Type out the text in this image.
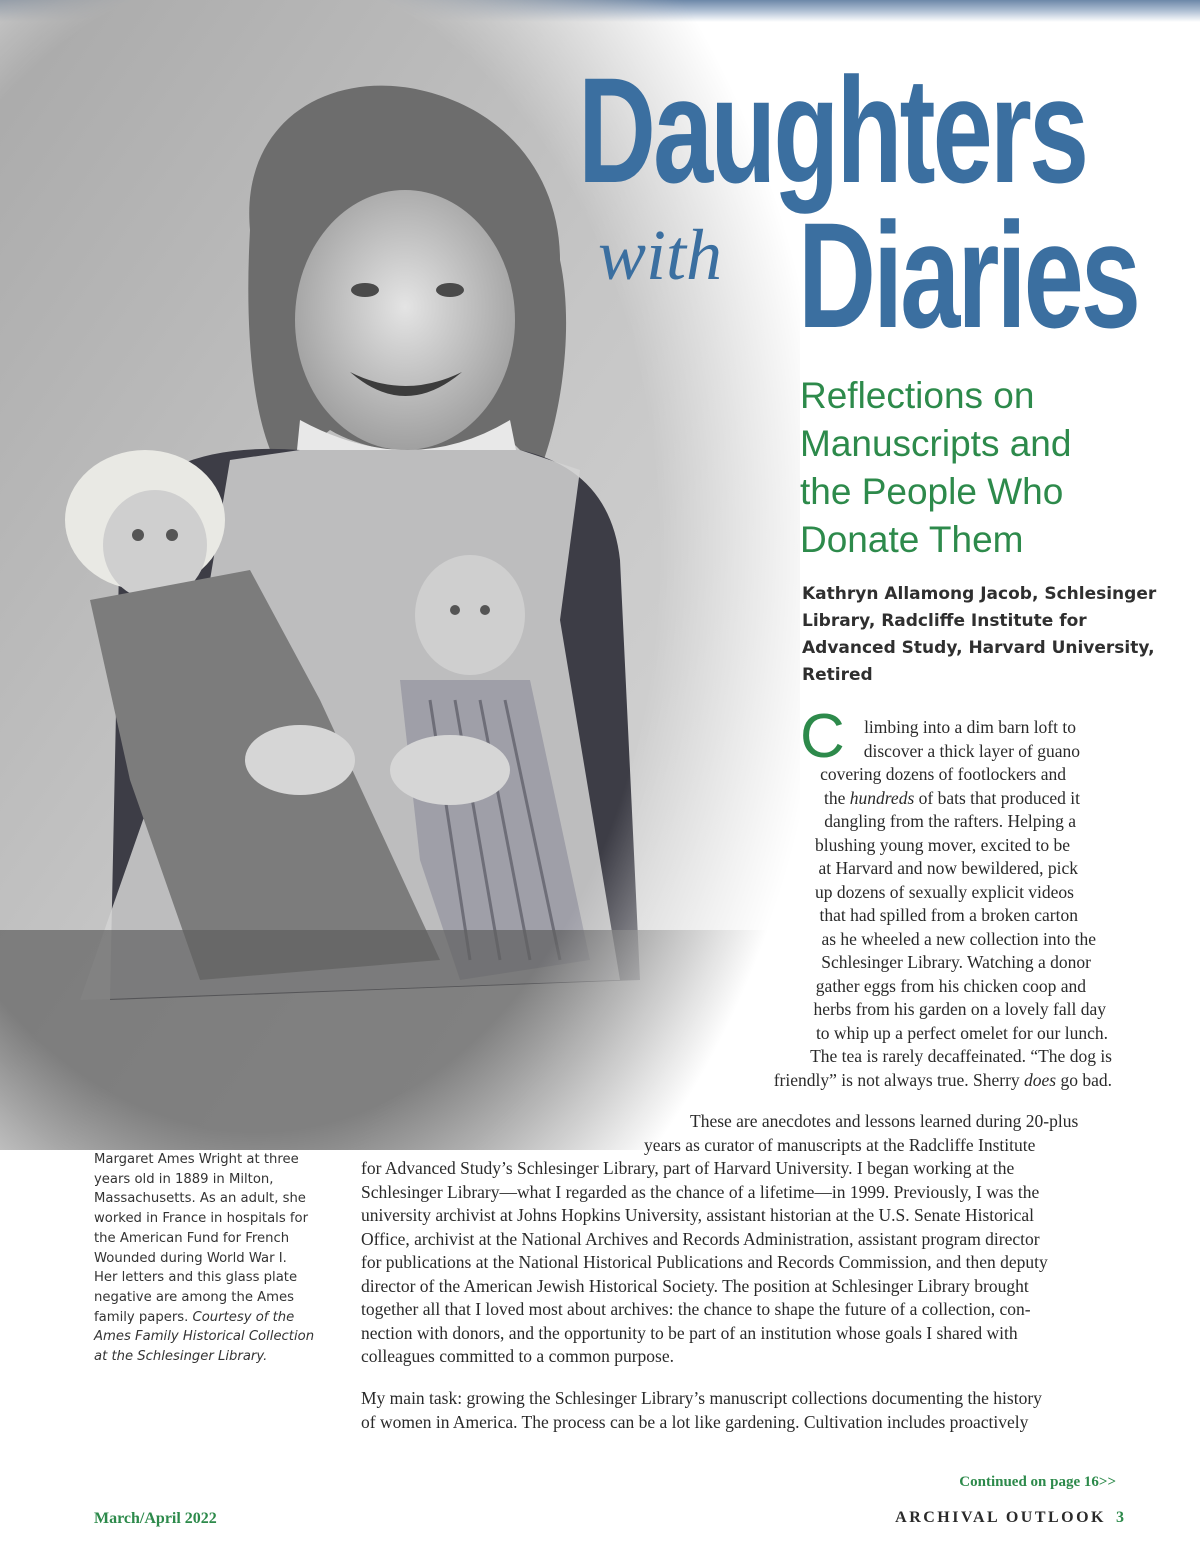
Daughters
with Diaries
Reflections on
Manuscripts and
the People Who
Donate Them
Kathryn Allamong Jacob, Schlesinger
Library, Radcliffe Institute for
Advanced Study, Harvard University,
Retired
C limbing into a dim barn loft to
discover a thick layer of guano
covering dozens of footlockers and
the hundreds of bats that produced it
dangling from the rafters. Helping a
blushing young mover, excited to be
at Harvard and now bewildered, pick
up dozens of sexually explicit videos
that had spilled from a broken carton
as he wheeled a new collection into the
Schlesinger Library. Watching a donor
gather eggs from his chicken coop and
herbs from his garden on a lovely fall day
to whip up a perfect omelet for our lunch.
The tea is rarely decaffeinated. “The dog is
friendly” is not always true. Sherry does go bad.
These are anecdotes and lessons learned during 20-plus
years as curator of manuscripts at the Radcliffe Institute
for Advanced Study’s Schlesinger Library, part of Harvard University. I began working at the
Schlesinger Library—what I regarded as the chance of a lifetime—in 1999. Previously, I was the
university archivist at Johns Hopkins University, assistant historian at the U.S. Senate Historical
Office, archivist at the National Archives and Records Administration, assistant program director
for publications at the National Historical Publications and Records Commission, and then deputy
director of the American Jewish Historical Society. The position at Schlesinger Library brought
together all that I loved most about archives: the chance to shape the future of a collection, con-
nection with donors, and the opportunity to be part of an institution whose goals I shared with
colleagues committed to a common purpose.
My main task: growing the Schlesinger Library’s manuscript collections documenting the history
of women in America. The process can be a lot like gardening. Cultivation includes proactively
Margaret Ames Wright at three
years old in 1889 in Milton,
Massachusetts. As an adult, she
worked in France in hospitals for
the American Fund for French
Wounded during World War I.
Her letters and this glass plate
negative are among the Ames
family papers. Courtesy of the
Ames Family Historical Collection
at the Schlesinger Library.
Continued on page 16>>
March/April 2022	ARCHIVAL OUTLOOK 3
